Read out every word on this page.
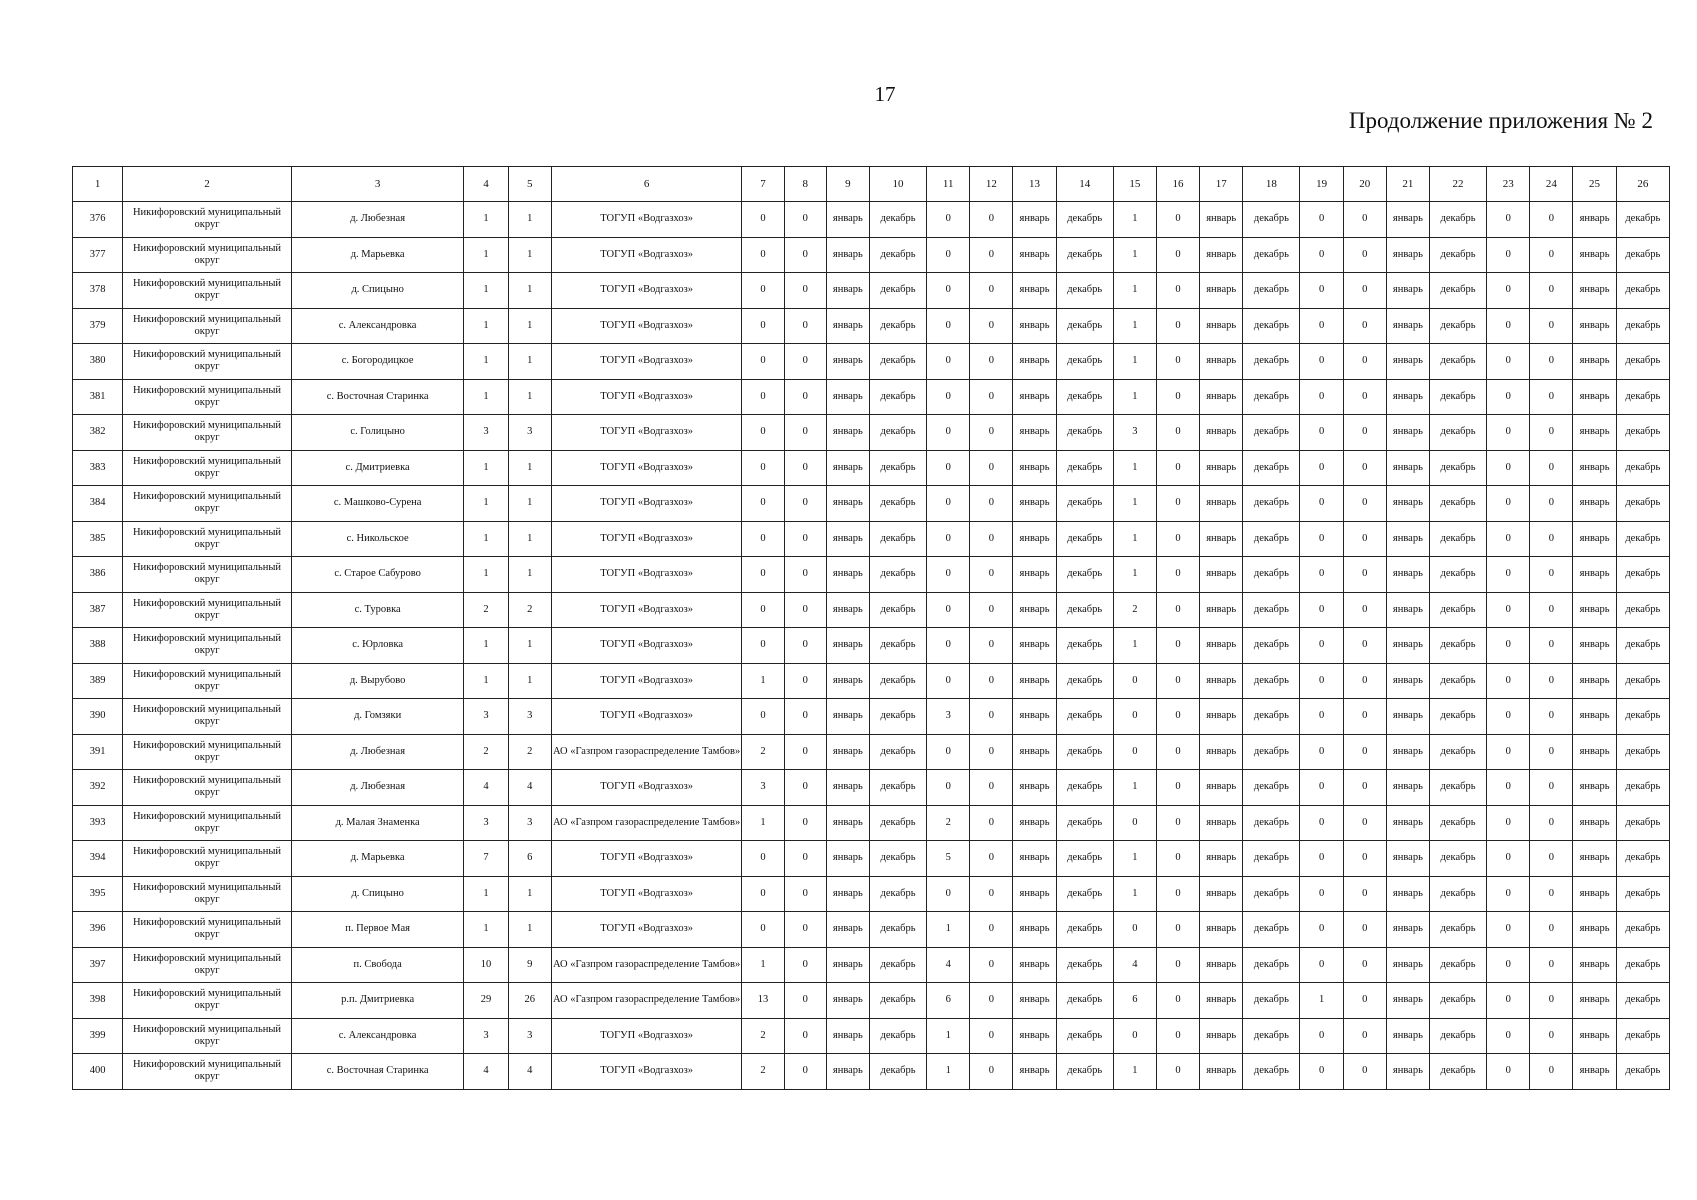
17
Продолжение приложения № 2
1	2	3	4	5	6	7	8	9	10	11	12	13	14	15	16	17	18	19	20	21	22	23	24	25	26
376	Никифоровский муниципальный округ	д. Любезная	1	1	ТОГУП «Водгазхоз»	0	0	январь	декабрь	0	0	январь	декабрь	1	0	январь	декабрь	0	0	январь	декабрь	0	0	январь	декабрь
377	Никифоровский муниципальный округ	д. Марьевка	1	1	ТОГУП «Водгазхоз»	0	0	январь	декабрь	0	0	январь	декабрь	1	0	январь	декабрь	0	0	январь	декабрь	0	0	январь	декабрь
378	Никифоровский муниципальный округ	д. Спицыно	1	1	ТОГУП «Водгазхоз»	0	0	январь	декабрь	0	0	январь	декабрь	1	0	январь	декабрь	0	0	январь	декабрь	0	0	январь	декабрь
379	Никифоровский муниципальный округ	с. Александровка	1	1	ТОГУП «Водгазхоз»	0	0	январь	декабрь	0	0	январь	декабрь	1	0	январь	декабрь	0	0	январь	декабрь	0	0	январь	декабрь
380	Никифоровский муниципальный округ	с. Богородицкое	1	1	ТОГУП «Водгазхоз»	0	0	январь	декабрь	0	0	январь	декабрь	1	0	январь	декабрь	0	0	январь	декабрь	0	0	январь	декабрь
381	Никифоровский муниципальный округ	с. Восточная Старинка	1	1	ТОГУП «Водгазхоз»	0	0	январь	декабрь	0	0	январь	декабрь	1	0	январь	декабрь	0	0	январь	декабрь	0	0	январь	декабрь
382	Никифоровский муниципальный округ	с. Голицыно	3	3	ТОГУП «Водгазхоз»	0	0	январь	декабрь	0	0	январь	декабрь	3	0	январь	декабрь	0	0	январь	декабрь	0	0	январь	декабрь
383	Никифоровский муниципальный округ	с. Дмитриевка	1	1	ТОГУП «Водгазхоз»	0	0	январь	декабрь	0	0	январь	декабрь	1	0	январь	декабрь	0	0	январь	декабрь	0	0	январь	декабрь
384	Никифоровский муниципальный округ	с. Машково-Сурена	1	1	ТОГУП «Водгазхоз»	0	0	январь	декабрь	0	0	январь	декабрь	1	0	январь	декабрь	0	0	январь	декабрь	0	0	январь	декабрь
385	Никифоровский муниципальный округ	с. Никольское	1	1	ТОГУП «Водгазхоз»	0	0	январь	декабрь	0	0	январь	декабрь	1	0	январь	декабрь	0	0	январь	декабрь	0	0	январь	декабрь
386	Никифоровский муниципальный округ	с. Старое Сабурово	1	1	ТОГУП «Водгазхоз»	0	0	январь	декабрь	0	0	январь	декабрь	1	0	январь	декабрь	0	0	январь	декабрь	0	0	январь	декабрь
387	Никифоровский муниципальный округ	с. Туровка	2	2	ТОГУП «Водгазхоз»	0	0	январь	декабрь	0	0	январь	декабрь	2	0	январь	декабрь	0	0	январь	декабрь	0	0	январь	декабрь
388	Никифоровский муниципальный округ	с. Юрловка	1	1	ТОГУП «Водгазхоз»	0	0	январь	декабрь	0	0	январь	декабрь	1	0	январь	декабрь	0	0	январь	декабрь	0	0	январь	декабрь
389	Никифоровский муниципальный округ	д. Вырубово	1	1	ТОГУП «Водгазхоз»	1	0	январь	декабрь	0	0	январь	декабрь	0	0	январь	декабрь	0	0	январь	декабрь	0	0	январь	декабрь
390	Никифоровский муниципальный округ	д. Гомзяки	3	3	ТОГУП «Водгазхоз»	0	0	январь	декабрь	3	0	январь	декабрь	0	0	январь	декабрь	0	0	январь	декабрь	0	0	январь	декабрь
391	Никифоровский муниципальный округ	д. Любезная	2	2	АО «Газпром газораспределение Тамбов»	2	0	январь	декабрь	0	0	январь	декабрь	0	0	январь	декабрь	0	0	январь	декабрь	0	0	январь	декабрь
392	Никифоровский муниципальный округ	д. Любезная	4	4	ТОГУП «Водгазхоз»	3	0	январь	декабрь	0	0	январь	декабрь	1	0	январь	декабрь	0	0	январь	декабрь	0	0	январь	декабрь
393	Никифоровский муниципальный округ	д. Малая Знаменка	3	3	АО «Газпром газораспределение Тамбов»	1	0	январь	декабрь	2	0	январь	декабрь	0	0	январь	декабрь	0	0	январь	декабрь	0	0	январь	декабрь
394	Никифоровский муниципальный округ	д. Марьевка	7	6	ТОГУП «Водгазхоз»	0	0	январь	декабрь	5	0	январь	декабрь	1	0	январь	декабрь	0	0	январь	декабрь	0	0	январь	декабрь
395	Никифоровский муниципальный округ	д. Спицыно	1	1	ТОГУП «Водгазхоз»	0	0	январь	декабрь	0	0	январь	декабрь	1	0	январь	декабрь	0	0	январь	декабрь	0	0	январь	декабрь
396	Никифоровский муниципальный округ	п. Первое Мая	1	1	ТОГУП «Водгазхоз»	0	0	январь	декабрь	1	0	январь	декабрь	0	0	январь	декабрь	0	0	январь	декабрь	0	0	январь	декабрь
397	Никифоровский муниципальный округ	п. Свобода	10	9	АО «Газпром газораспределение Тамбов»	1	0	январь	декабрь	4	0	январь	декабрь	4	0	январь	декабрь	0	0	январь	декабрь	0	0	январь	декабрь
398	Никифоровский муниципальный округ	р.п. Дмитриевка	29	26	АО «Газпром газораспределение Тамбов»	13	0	январь	декабрь	6	0	январь	декабрь	6	0	январь	декабрь	1	0	январь	декабрь	0	0	январь	декабрь
399	Никифоровский муниципальный округ	с. Александровка	3	3	ТОГУП «Водгазхоз»	2	0	январь	декабрь	1	0	январь	декабрь	0	0	январь	декабрь	0	0	январь	декабрь	0	0	январь	декабрь
400	Никифоровский муниципальный округ	с. Восточная Старинка	4	4	ТОГУП «Водгазхоз»	2	0	январь	декабрь	1	0	январь	декабрь	1	0	январь	декабрь	0	0	январь	декабрь	0	0	январь	декабрь
